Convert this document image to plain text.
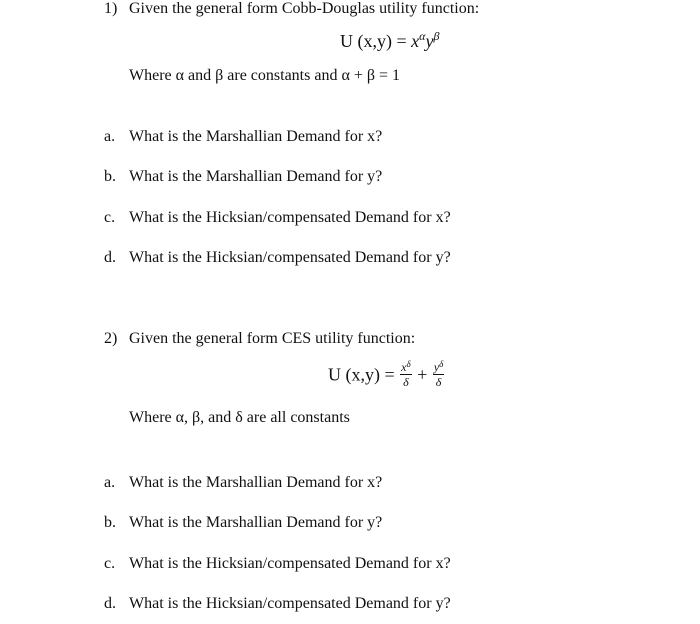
1) Given the general form Cobb-Douglas utility function:
U $(x,y) = x^\alpha y^\beta$
Where α and β are constants and α + β = 1
a. What is the Marshallian Demand for x?
b. What is the Marshallian Demand for y?
c. What is the Hicksian/compensated Demand for x?
d. What is the Hicksian/compensated Demand for y?
2) Given the general form CES utility function:
U $(x,y) = \frac{x^\delta}{\delta} + \frac{y^\delta}{\delta}$
Where α, β, and δ are all constants
a. What is the Marshallian Demand for x?
b. What is the Marshallian Demand for y?
c. What is the Hicksian/compensated Demand for x?
d. What is the Hicksian/compensated Demand for y?
